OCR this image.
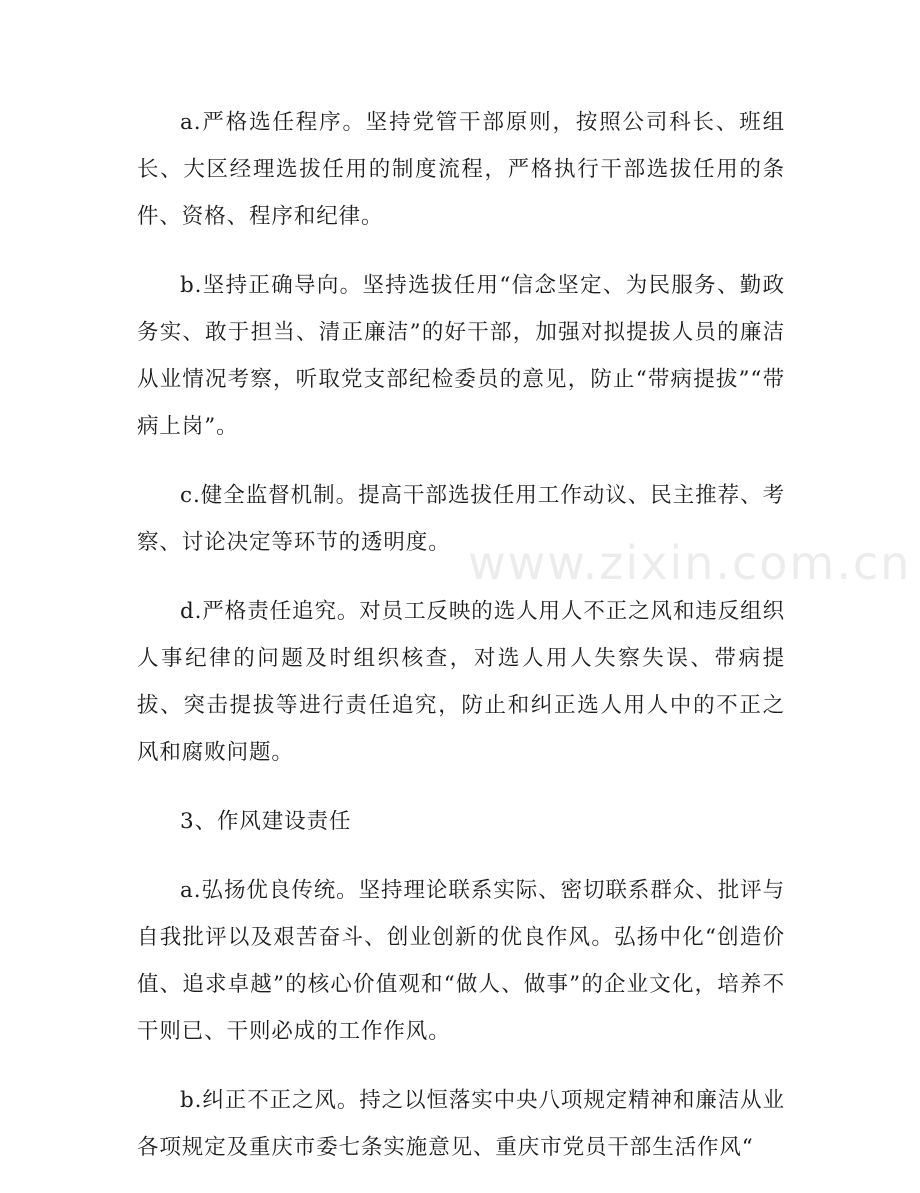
a.严格选任程序。坚持党管干部原则，按照公司科长、班组长、大区经理选拔任用的制度流程，严格执行干部选拔任用的条件、资格、程序和纪律。

b.坚持正确导向。坚持选拔任用“信念坚定、为民服务、勤政务实、敢于担当、清正廉洁”的好干部，加强对拟提拔人员的廉洁从业情况考察，听取党支部纪检委员的意见，防止“带病提拔”“带病上岗”。

c.健全监督机制。提高干部选拔任用工作动议、民主推荐、考察、讨论决定等环节的透明度。

d.严格责任追究。对员工反映的选人用人不正之风和违反组织人事纪律的问题及时组织核查，对选人用人失察失误、带病提拔、突击提拔等进行责任追究，防止和纠正选人用人中的不正之风和腐败问题。

3、作风建设责任

a.弘扬优良传统。坚持理论联系实际、密切联系群众、批评与自我批评以及艰苦奋斗、创业创新的优良作风。弘扬中化“创造价值、追求卓越”的核心价值观和“做人、做事”的企业文化，培养不干则已、干则必成的工作作风。

b.纠正不正之风。持之以恒落实中央八项规定精神和廉洁从业各项规定及重庆市委七条实施意见、重庆市党员干部生活作风“

www.zixin.com.cn
